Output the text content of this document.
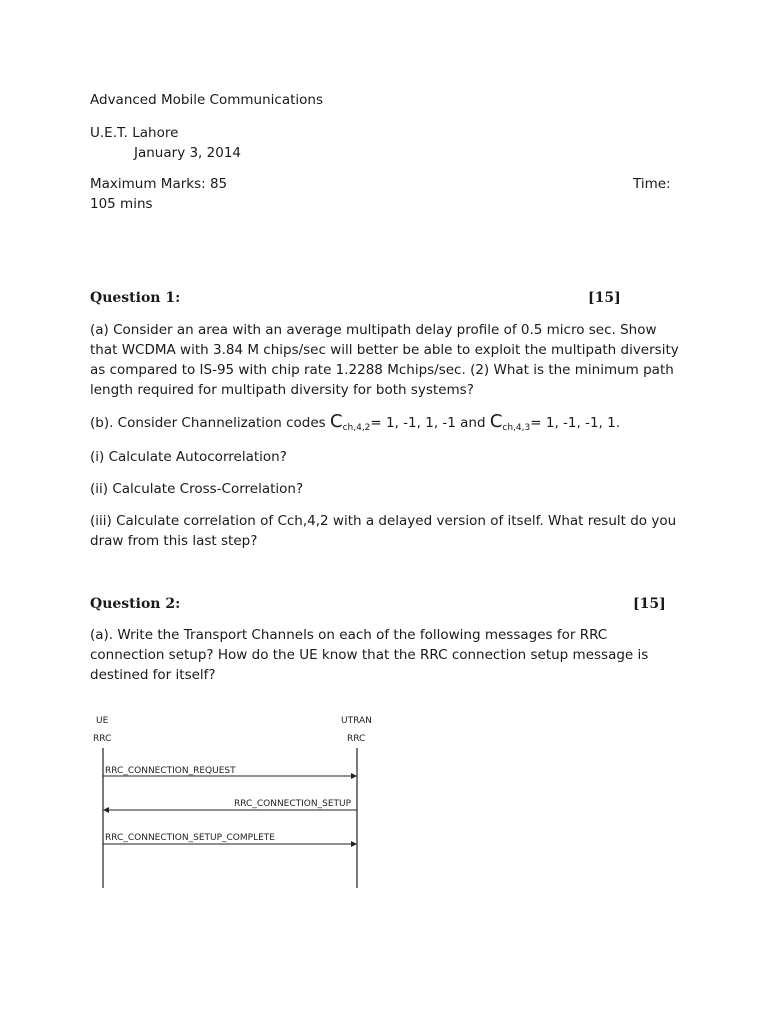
Advanced Mobile Communications
U.E.T. Lahore
January 3, 2014
Maximum Marks: 85	Time:
105 mins
Question 1:	[15]
(a) Consider an area with an average multipath delay profile of 0.5 micro sec. Show that WCDMA with 3.84 M chips/sec will better be able to exploit the multipath diversity as compared to IS-95 with chip rate 1.2288 Mchips/sec. (2) What is the minimum path length required for multipath diversity for both systems?
(b). Consider Channelization codes $C_{ch,4,2}= 1$, -1, 1, -1 and $C_{ch,4,3}= 1$, -1, -1, 1.
(i) Calculate Autocorrelation?
(ii) Calculate Cross-Correlation?
(iii) Calculate correlation of Cch,4,2 with a delayed version of itself. What result do you draw from this last step?
Question 2:	[15]
(a). Write the Transport Channels on each of the following messages for RRC connection setup? How do the UE know that the RRC connection setup message is destined for itself?
UE
RRC
UTRAN
RRC
RRC_CONNECTION_REQUEST
RRC_CONNECTION_SETUP
RRC_CONNECTION_SETUP_COMPLETE
